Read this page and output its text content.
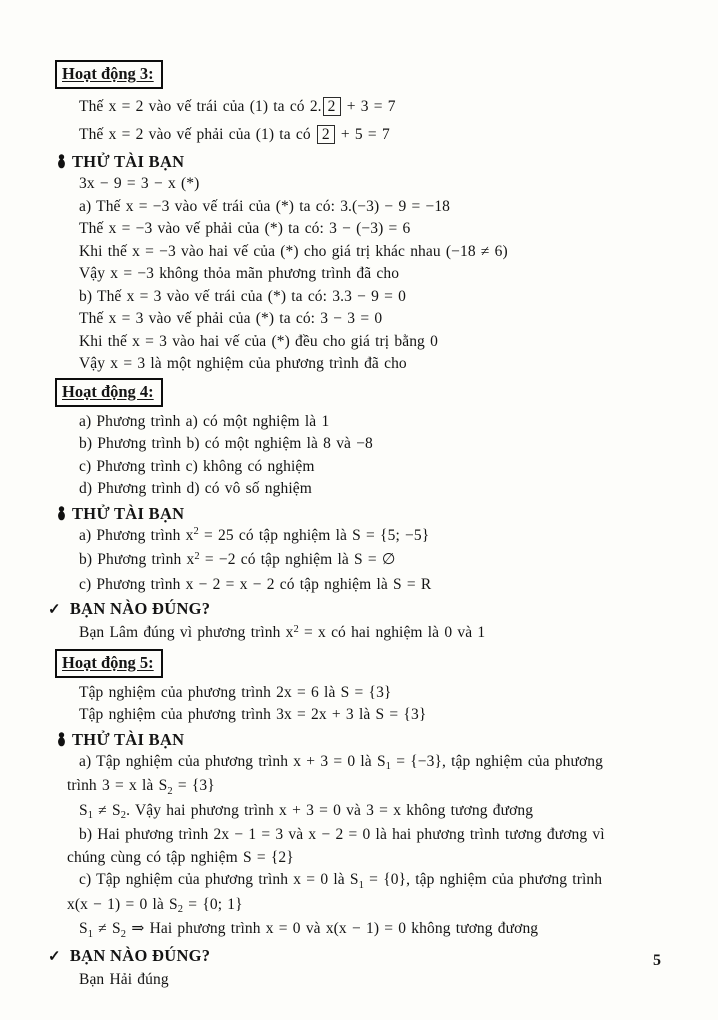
Hoạt động 3:
Thế x = 2 vào vế trái của (1) ta có 2. 2 + 3 = 7
Thế x = 2 vào vế phải của (1) ta có 2 + 5 = 7
THỬ TÀI BẠN
3x − 9 = 3 − x (*)
a) Thế x = −3 vào vế trái của (*) ta có: 3.(−3) − 9 = −18
Thế x = −3 vào vế phải của (*) ta có: 3 − (−3) = 6
Khi thế x = −3 vào hai vế của (*) cho giá trị khác nhau (−18 ≠ 6)
Vậy x = −3 không thỏa mãn phương trình đã cho
b) Thế x = 3 vào vế trái của (*) ta có: 3.3 − 9 = 0
Thế x = 3 vào vế phải của (*) ta có: 3 − 3 = 0
Khi thế x = 3 vào hai vế của (*) đều cho giá trị bằng 0
Vậy x = 3 là một nghiệm của phương trình đã cho
Hoạt động 4:
a) Phương trình a) có một nghiệm là 1
b) Phương trình b) có một nghiệm là 8 và −8
c) Phương trình c) không có nghiệm
d) Phương trình d) có vô số nghiệm
THỬ TÀI BẠN
a) Phương trình $x^2 = 25$ có tập nghiệm là S = {5; −5}
b) Phương trình $x^2 = -2$ có tập nghiệm là S = ∅
c) Phương trình x − 2 = x − 2 có tập nghiệm là S = R
✓ BẠN NÀO ĐÚNG?
Bạn Lâm đúng vì phương trình $x^2 = x$ có hai nghiệm là 0 và 1
Hoạt động 5:
Tập nghiệm của phương trình 2x = 6 là S = {3}
Tập nghiệm của phương trình 3x = 2x + 3 là S = {3}
THỬ TÀI BẠN
a) Tập nghiệm của phương trình x + 3 = 0 là $S_1 = \{-3\}$, tập nghiệm của phương
trình 3 = x là $S_2 = \{3\}$
$S_1 \ne S_2$. Vậy hai phương trình x + 3 = 0 và 3 = x không tương đương
b) Hai phương trình 2x − 1 = 3 và x − 2 = 0 là hai phương trình tương đương vì
chúng cùng có tập nghiệm S = {2}
c) Tập nghiệm của phương trình x = 0 là $S_1 = \{0\}$, tập nghiệm của phương trình
x(x − 1) = 0 là $S_2 = \{0$; 1}
$S_1 \ne S_2$ ⇒ Hai phương trình x = 0 và x(x − 1) = 0 không tương đương
✓ BẠN NÀO ĐÚNG?
Bạn Hải đúng
5
